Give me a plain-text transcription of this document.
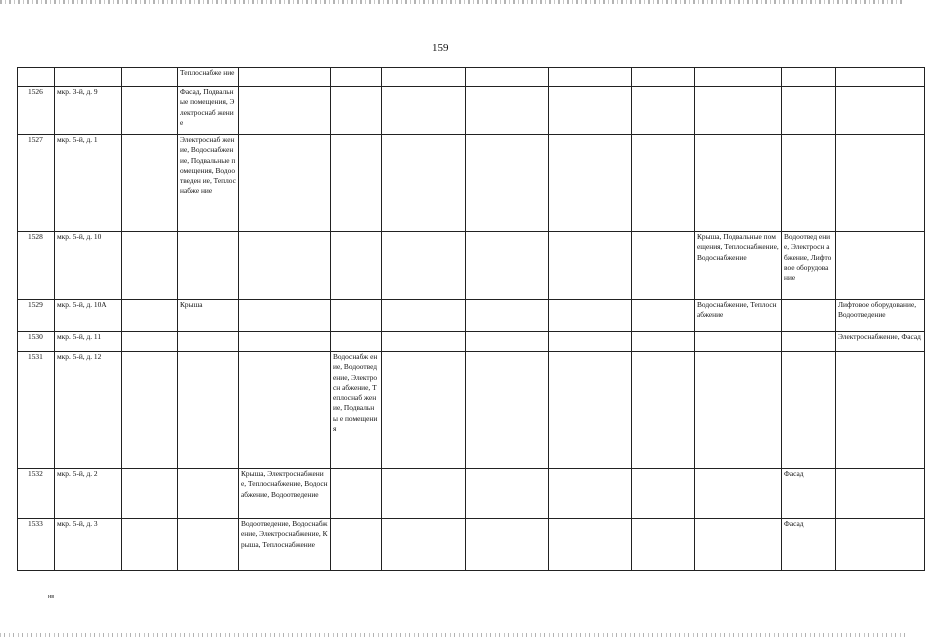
159
			Теплоснабже ние									
1526	мкр. 3-й, д. 9		Фасад, Подвальные помещения, Электроснаб жение									
1527	мкр. 5-й, д. 1		Электроснаб жение, Водоснабжен ие, Подвальные помещения, Водоотведен ие, Теплоснабже ние									
1528	мкр. 5-й, д. 10									Крыша, Подвальные помещения, Теплоснабжение, Водоснабжение	Водоотвед ение, Электросн абжение, Лифтовое оборудова ние	
1529	мкр. 5-й, д. 10А		Крыша							Водоснабжение, Теплоснабжение		Лифтовое оборудование, Водоотведение
1530	мкр. 5-й, д. 11											Электроснабжение, Фасад
1531	мкр. 5-й, д. 12				Водоснабж ение, Водоотвед ение, Электросн абжение, Теплоснаб жение, Подвальны е помещени я							
1532	мкр. 5-й, д. 2			Крыша, Электроснабжение, Теплоснабжение, Водоснабжение, Водоотведение							Фасад	
1533	мкр. 5-й, д. 3			Водоотведение, Водоснабжение, Электроснабжение, Крыша, Теплоснабжение							Фасад	
нв
